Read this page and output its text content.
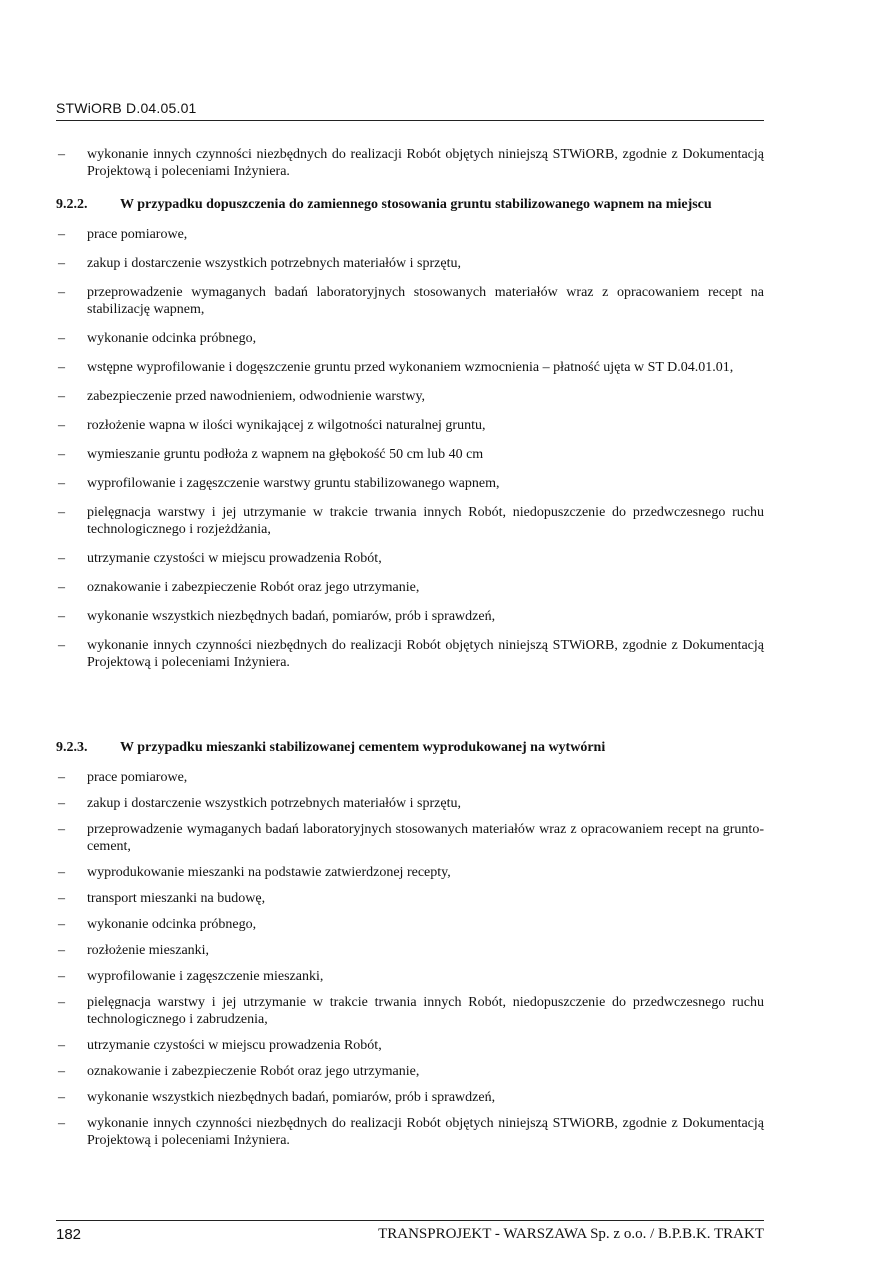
STWiORB D.04.05.01
– wykonanie innych czynności niezbędnych do realizacji Robót objętych niniejszą STWiORB, zgodnie z Dokumentacją Projektową i poleceniami Inżyniera.
9.2.2. W przypadku dopuszczenia do zamiennego stosowania gruntu stabilizowanego wapnem na miejscu
– prace pomiarowe,
– zakup i dostarczenie wszystkich potrzebnych materiałów i sprzętu,
– przeprowadzenie wymaganych badań laboratoryjnych stosowanych materiałów wraz z opracowaniem recept na stabilizację wapnem,
– wykonanie odcinka próbnego,
– wstępne wyprofilowanie i dogęszczenie gruntu przed wykonaniem wzmocnienia – płatność ujęta w ST D.04.01.01,
– zabezpieczenie przed nawodnieniem, odwodnienie warstwy,
– rozłożenie wapna w ilości wynikającej z wilgotności naturalnej gruntu,
– wymieszanie gruntu podłoża z wapnem na głębokość 50 cm lub 40 cm
– wyprofilowanie i zagęszczenie warstwy gruntu stabilizowanego wapnem,
– pielęgnacja warstwy i jej utrzymanie w trakcie trwania innych Robót, niedopuszczenie do przedwczesnego ruchu technologicznego i rozjeżdżania,
– utrzymanie czystości w miejscu prowadzenia Robót,
– oznakowanie i zabezpieczenie Robót oraz jego utrzymanie,
– wykonanie wszystkich niezbędnych badań, pomiarów, prób i sprawdzeń,
– wykonanie innych czynności niezbędnych do realizacji Robót objętych niniejszą STWiORB, zgodnie z Dokumentacją Projektową i poleceniami Inżyniera.
9.2.3. W przypadku mieszanki stabilizowanej cementem wyprodukowanej na wytwórni
– prace pomiarowe,
– zakup i dostarczenie wszystkich potrzebnych materiałów i sprzętu,
– przeprowadzenie wymaganych badań laboratoryjnych stosowanych materiałów wraz z opracowaniem recept na grunto-cement,
– wyprodukowanie mieszanki na podstawie zatwierdzonej recepty,
– transport mieszanki na budowę,
– wykonanie odcinka próbnego,
– rozłożenie mieszanki,
– wyprofilowanie i zagęszczenie mieszanki,
– pielęgnacja warstwy i jej utrzymanie w trakcie trwania innych Robót, niedopuszczenie do przedwczesnego ruchu technologicznego i zabrudzenia,
– utrzymanie czystości w miejscu prowadzenia Robót,
– oznakowanie i zabezpieczenie Robót oraz jego utrzymanie,
– wykonanie wszystkich niezbędnych badań, pomiarów, prób i sprawdzeń,
– wykonanie innych czynności niezbędnych do realizacji Robót objętych niniejszą STWiORB, zgodnie z Dokumentacją Projektową i poleceniami Inżyniera.
182	TRANSPROJEKT - WARSZAWA Sp. z o.o. / B.P.B.K. TRAKT
